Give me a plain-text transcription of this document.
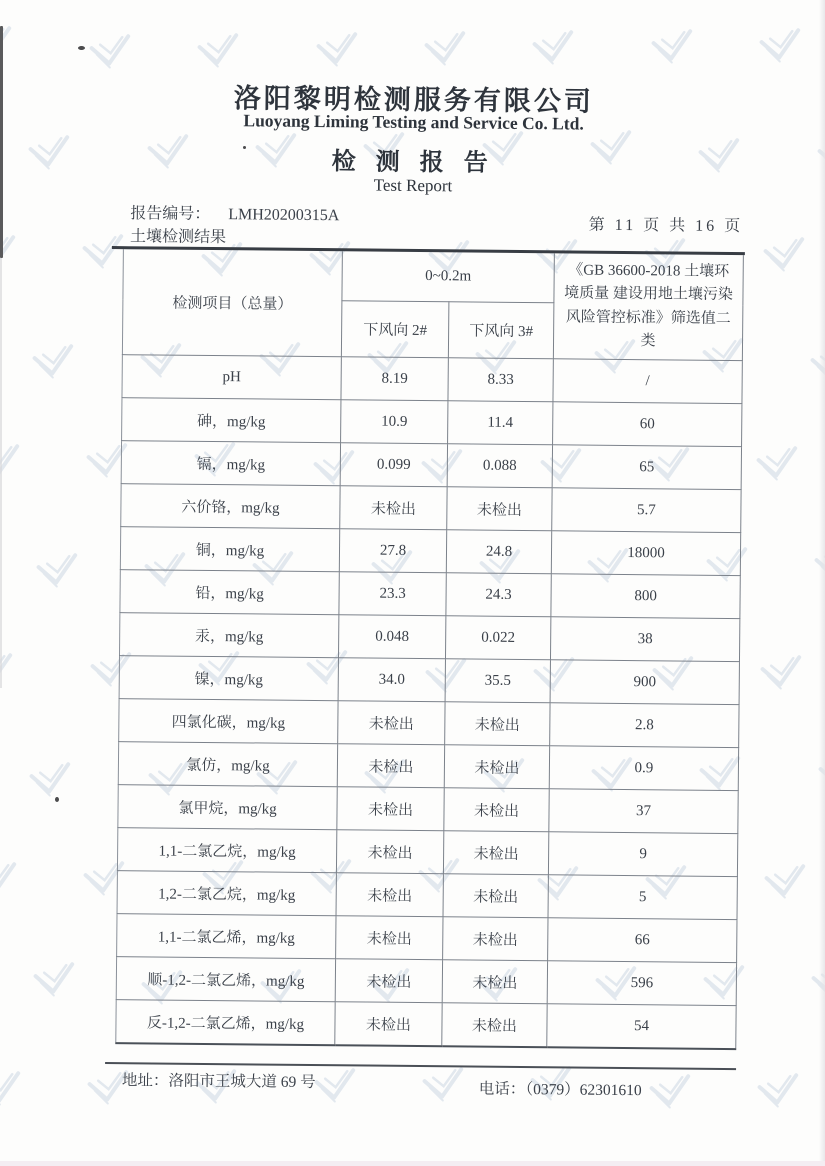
洛阳黎明检测服务有限公司
Luoyang Liming Testing and Service Co. Ltd.
检 测 报 告
Test Report
报告编号： LMH20200315A
第 11 页 共 16 页
土壤检测结果
检测项目（总量）	0~0.2m		《GB 36600-2018 土壤环境质量 建设用地土壤污染风险管控标准》筛选值二类
	下风向 2#	下风向 3#	
pH	8.19	8.33	/
砷，mg/kg	10.9	11.4	60
镉，mg/kg	0.099	0.088	65
六价铬，mg/kg	未检出	未检出	5.7
铜，mg/kg	27.8	24.8	18000
铅，mg/kg	23.3	24.3	800
汞，mg/kg	0.048	0.022	38
镍，mg/kg	34.0	35.5	900
四氯化碳，mg/kg	未检出	未检出	2.8
氯仿，mg/kg	未检出	未检出	0.9
氯甲烷，mg/kg	未检出	未检出	37
1,1-二氯乙烷，mg/kg	未检出	未检出	9
1,2-二氯乙烷，mg/kg	未检出	未检出	5
1,1-二氯乙烯，mg/kg	未检出	未检出	66
顺-1,2-二氯乙烯，mg/kg	未检出	未检出	596
反-1,2-二氯乙烯，mg/kg	未检出	未检出	54
地址：洛阳市王城大道 69 号	电话：（0379）62301610
